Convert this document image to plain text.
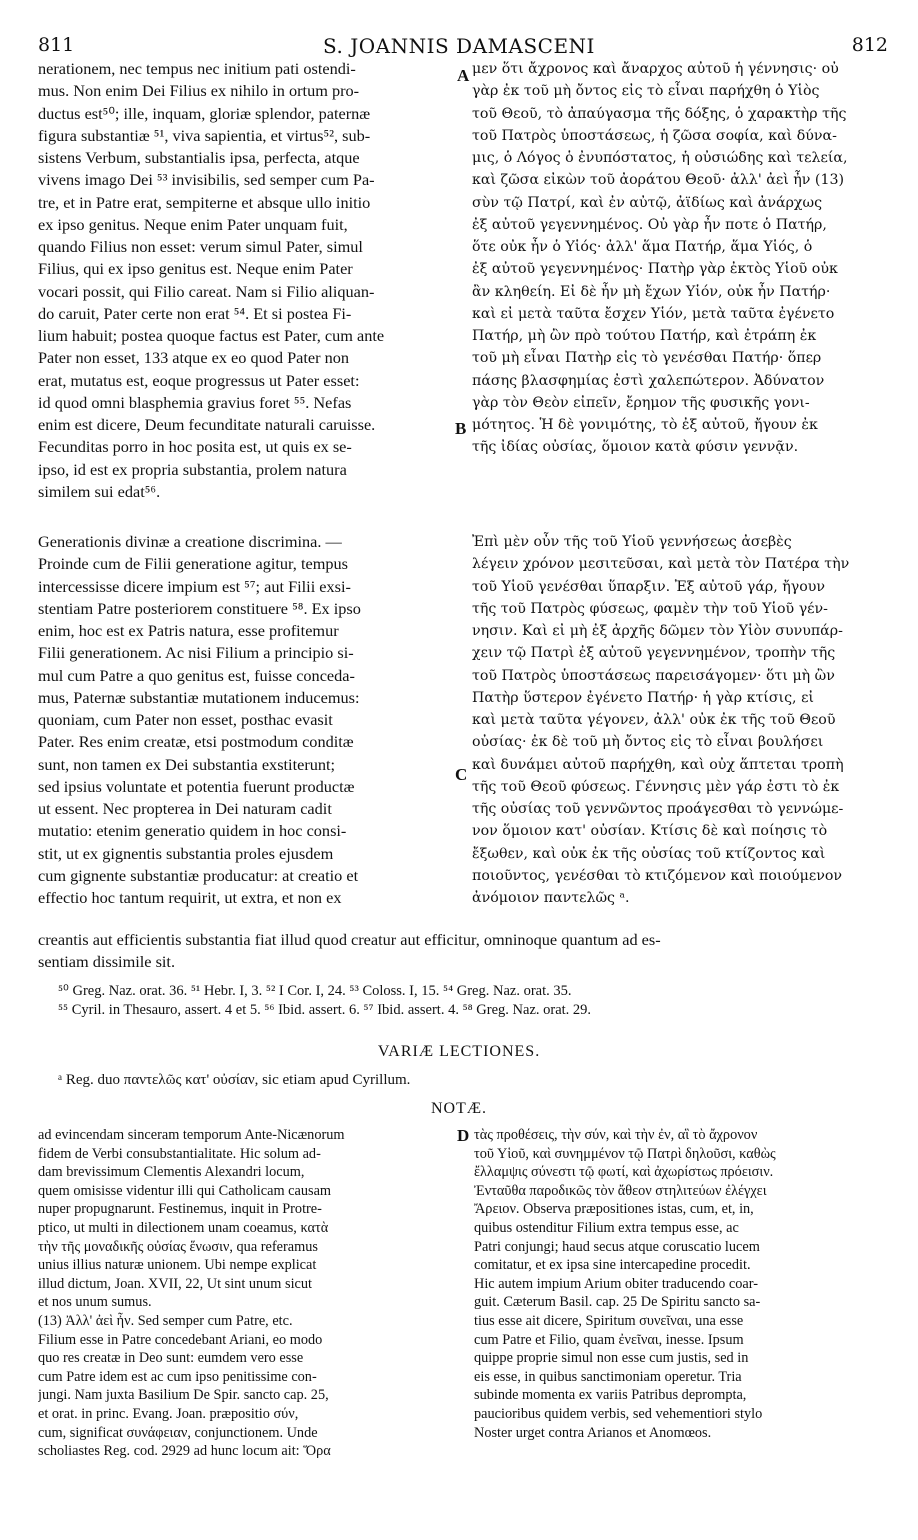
811	S. JOANNIS DAMASCENI	812
nerationem, nec tempus nec initium pati ostendi-
mus. Non enim Dei Filius ex nihilo in ortum pro-
ductus est⁵⁰; ille, inquam, gloriæ splendor, paternæ
figura substantiæ ⁵¹, viva sapientia, et virtus⁵², sub-
sistens Verbum, substantialis ipsa, perfecta, atque
vivens imago Dei ⁵³ invisibilis, sed semper cum Pa-
tre, et in Patre erat, sempiterne et absque ullo initio
ex ipso genitus. Neque enim Pater unquam fuit,
quando Filius non esset: verum simul Pater, simul
Filius, qui ex ipso genitus est. Neque enim Pater
vocari possit, qui Filio careat. Nam si Filio aliquan-
do caruit, Pater certe non erat ⁵⁴. Et si postea Fi-
lium habuit; postea quoque factus est Pater, cum ante
Pater non esset, 133 atque ex eo quod Pater non
erat, mutatus est, eoque progressus ut Pater esset:
id quod omni blasphemia gravius foret ⁵⁵. Nefas
enim est dicere, Deum fecunditate naturali caruisse.
Fecunditas porro in hoc posita est, ut quis ex se-
ipso, id est ex propria substantia, prolem natura
similem sui edat⁵⁶.
μεν ὅτι ἄχρονος καὶ ἄναρχος αὐτοῦ ἡ γέννησις· οὐ
γὰρ ἐκ τοῦ μὴ ὄντος εἰς τὸ εἶναι παρήχθη ὁ Υἱὸς
τοῦ Θεοῦ, τὸ ἀπαύγασμα τῆς δόξης, ὁ χαρακτὴρ τῆς
τοῦ Πατρὸς ὑποστάσεως, ἡ ζῶσα σοφία, καὶ δύνα-
μις, ὁ Λόγος ὁ ἐνυπόστατος, ἡ οὐσιώδης καὶ τελεία,
καὶ ζῶσα εἰκὼν τοῦ ἀοράτου Θεοῦ· ἀλλ' ἀεὶ ἦν (13)
σὺν τῷ Πατρί, καὶ ἐν αὐτῷ, ἀϊδίως καὶ ἀνάρχως
ἐξ αὐτοῦ γεγεννημένος. Οὐ γὰρ ἦν ποτε ὁ Πατήρ,
ὅτε οὐκ ἦν ὁ Υἱός· ἀλλ' ἅμα Πατήρ, ἅμα Υἱός, ὁ
ἐξ αὐτοῦ γεγεννημένος· Πατὴρ γὰρ ἐκτὸς Υἱοῦ οὐκ
ἂν κληθείη. Εἰ δὲ ἦν μὴ ἔχων Υἱόν, οὐκ ἦν Πατήρ·
καὶ εἰ μετὰ ταῦτα ἔσχεν Υἱόν, μετὰ ταῦτα ἐγένετο
Πατήρ, μὴ ὢν πρὸ τούτου Πατήρ, καὶ ἐτράπη ἐκ
τοῦ μὴ εἶναι Πατὴρ εἰς τὸ γενέσθαι Πατήρ· ὅπερ
πάσης βλασφημίας ἐστὶ χαλεπώτερον. Ἀδύνατον
γὰρ τὸν Θεὸν εἰπεῖν, ἔρημον τῆς φυσικῆς γονι-
μότητος. Ἡ δὲ γονιμότης, τὸ ἐξ αὐτοῦ, ἤγουν ἐκ
τῆς ἰδίας οὐσίας, ὅμοιον κατὰ φύσιν γεννᾷν.
Generationis divinæ a creatione discrimina. —
Proinde cum de Filii generatione agitur, tempus
intercessisse dicere impium est ⁵⁷; aut Filii exsi-
stentiam Patre posteriorem constituere ⁵⁸. Ex ipso
enim, hoc est ex Patris natura, esse profitemur
Filii generationem. Ac nisi Filium a principio si-
mul cum Patre a quo genitus est, fuisse conceda-
mus, Paternæ substantiæ mutationem inducemus:
quoniam, cum Pater non esset, posthac evasit
Pater. Res enim creatæ, etsi postmodum conditæ
sunt, non tamen ex Dei substantia exstiterunt;
sed ipsius voluntate et potentia fuerunt productæ
ut essent. Nec propterea in Dei naturam cadit
mutatio: etenim generatio quidem in hoc consi-
stit, ut ex gignentis substantia proles ejusdem
cum gignente substantiæ producatur: at creatio et
effectio hoc tantum requirit, ut extra, et non ex
Ἐπὶ μὲν οὖν τῆς τοῦ Υἱοῦ γεννήσεως ἀσεβὲς
λέγειν χρόνον μεσιτεῦσαι, καὶ μετὰ τὸν Πατέρα τὴν
τοῦ Υἱοῦ γενέσθαι ὕπαρξιν. Ἐξ αὐτοῦ γάρ, ἤγουν
τῆς τοῦ Πατρὸς φύσεως, φαμὲν τὴν τοῦ Υἱοῦ γέν-
νησιν. Καὶ εἰ μὴ ἐξ ἀρχῆς δῶμεν τὸν Υἱὸν συνυπάρ-
χειν τῷ Πατρὶ ἐξ αὐτοῦ γεγεννημένον, τροπὴν τῆς
τοῦ Πατρὸς ὑποστάσεως παρεισάγομεν· ὅτι μὴ ὢν
Πατὴρ ὕστερον ἐγένετο Πατήρ· ἡ γὰρ κτίσις, εἰ
καὶ μετὰ ταῦτα γέγονεν, ἀλλ' οὐκ ἐκ τῆς τοῦ Θεοῦ
οὐσίας· ἐκ δὲ τοῦ μὴ ὄντος εἰς τὸ εἶναι βουλήσει
καὶ δυνάμει αὐτοῦ παρήχθη, καὶ οὐχ ἅπτεται τροπὴ
τῆς τοῦ Θεοῦ φύσεως. Γέννησις μὲν γάρ ἐστι τὸ ἐκ
τῆς οὐσίας τοῦ γεννῶντος προάγεσθαι τὸ γεννώμε-
νον ὅμοιον κατ' οὐσίαν. Κτίσις δὲ καὶ ποίησις τὸ
ἔξωθεν, καὶ οὐκ ἐκ τῆς οὐσίας τοῦ κτίζοντος καὶ
ποιοῦντος, γενέσθαι τὸ κτιζόμενον καὶ ποιούμενον
ἀνόμοιον παντελῶς ᵃ.
A
B
C
D
creantis aut efficientis substantia fiat illud quod creatur aut efficitur, omninoque quantum ad es-
sentiam dissimile sit.
⁵⁰ Greg. Naz. orat. 36. ⁵¹ Hebr. I, 3. ⁵² I Cor. I, 24. ⁵³ Coloss. I, 15. ⁵⁴ Greg. Naz. orat. 35.
⁵⁵ Cyril. in Thesauro, assert. 4 et 5. ⁵⁶ Ibid. assert. 6. ⁵⁷ Ibid. assert. 4. ⁵⁸ Greg. Naz. orat. 29.
VARIÆ LECTIONES.
ᵃ Reg. duo παντελῶς κατ' οὐσίαν, sic etiam apud Cyrillum.
NOTÆ.
ad evincendam sinceram temporum Ante-Nicænorum
fidem de Verbi consubstantialitate. Hic solum ad-
dam brevissimum Clementis Alexandri locum,
quem omisisse videntur illi qui Catholicam causam
nuper propugnarunt. Festinemus, inquit in Protre-
ptico, ut multi in dilectionem unam coeamus, κατὰ
τὴν τῆς μοναδικῆς οὐσίας ἕνωσιν, qua referamus
unius illius naturæ unionem. Ubi nempe explicat
illud dictum, Joan. XVII, 22, Ut sint unum sicut
et nos unum sumus.
(13) Ἀλλ' ἀεὶ ἦν. Sed semper cum Patre, etc.
Filium esse in Patre concedebant Ariani, eo modo
quo res creatæ in Deo sunt: eumdem vero esse
cum Patre idem est ac cum ipso penitissime con-
jungi. Nam juxta Basilium De Spir. sancto cap. 25,
et orat. in princ. Evang. Joan. præpositio σύν,
cum, significat συνάφειαν, conjunctionem. Unde
scholiastes Reg. cod. 2929 ad hunc locum ait: Ὅρα
τὰς προθέσεις, τὴν σύν, καὶ τὴν ἐν, αἳ τὸ ἄχρονον
τοῦ Υἱοῦ, καὶ συνημμένον τῷ Πατρὶ δηλοῦσι, καθὼς
ἔλλαμψις σύνεστι τῷ φωτί, καὶ ἀχωρίστως πρόεισιν.
Ἐνταῦθα παροδικῶς τὸν ἄθεον στηλιτεύων ἐλέγχει
Ἄρειον. Observa præpositiones istas, cum, et, in,
quibus ostenditur Filium extra tempus esse, ac
Patri conjungi; haud secus atque coruscatio lucem
comitatur, et ex ipsa sine intercapedine procedit.
Hic autem impium Arium obiter traducendo coar-
guit. Cæterum Basil. cap. 25 De Spiritu sancto sa-
tius esse ait dicere, Spiritum συνεῖναι, una esse
cum Patre et Filio, quam ἐνεῖναι, inesse. Ipsum
quippe proprie simul non esse cum justis, sed in
eis esse, in quibus sanctimoniam operetur. Tria
subinde momenta ex variis Patribus deprompta,
paucioribus quidem verbis, sed vehementiori stylo
Noster urget contra Arianos et Anomœos.
